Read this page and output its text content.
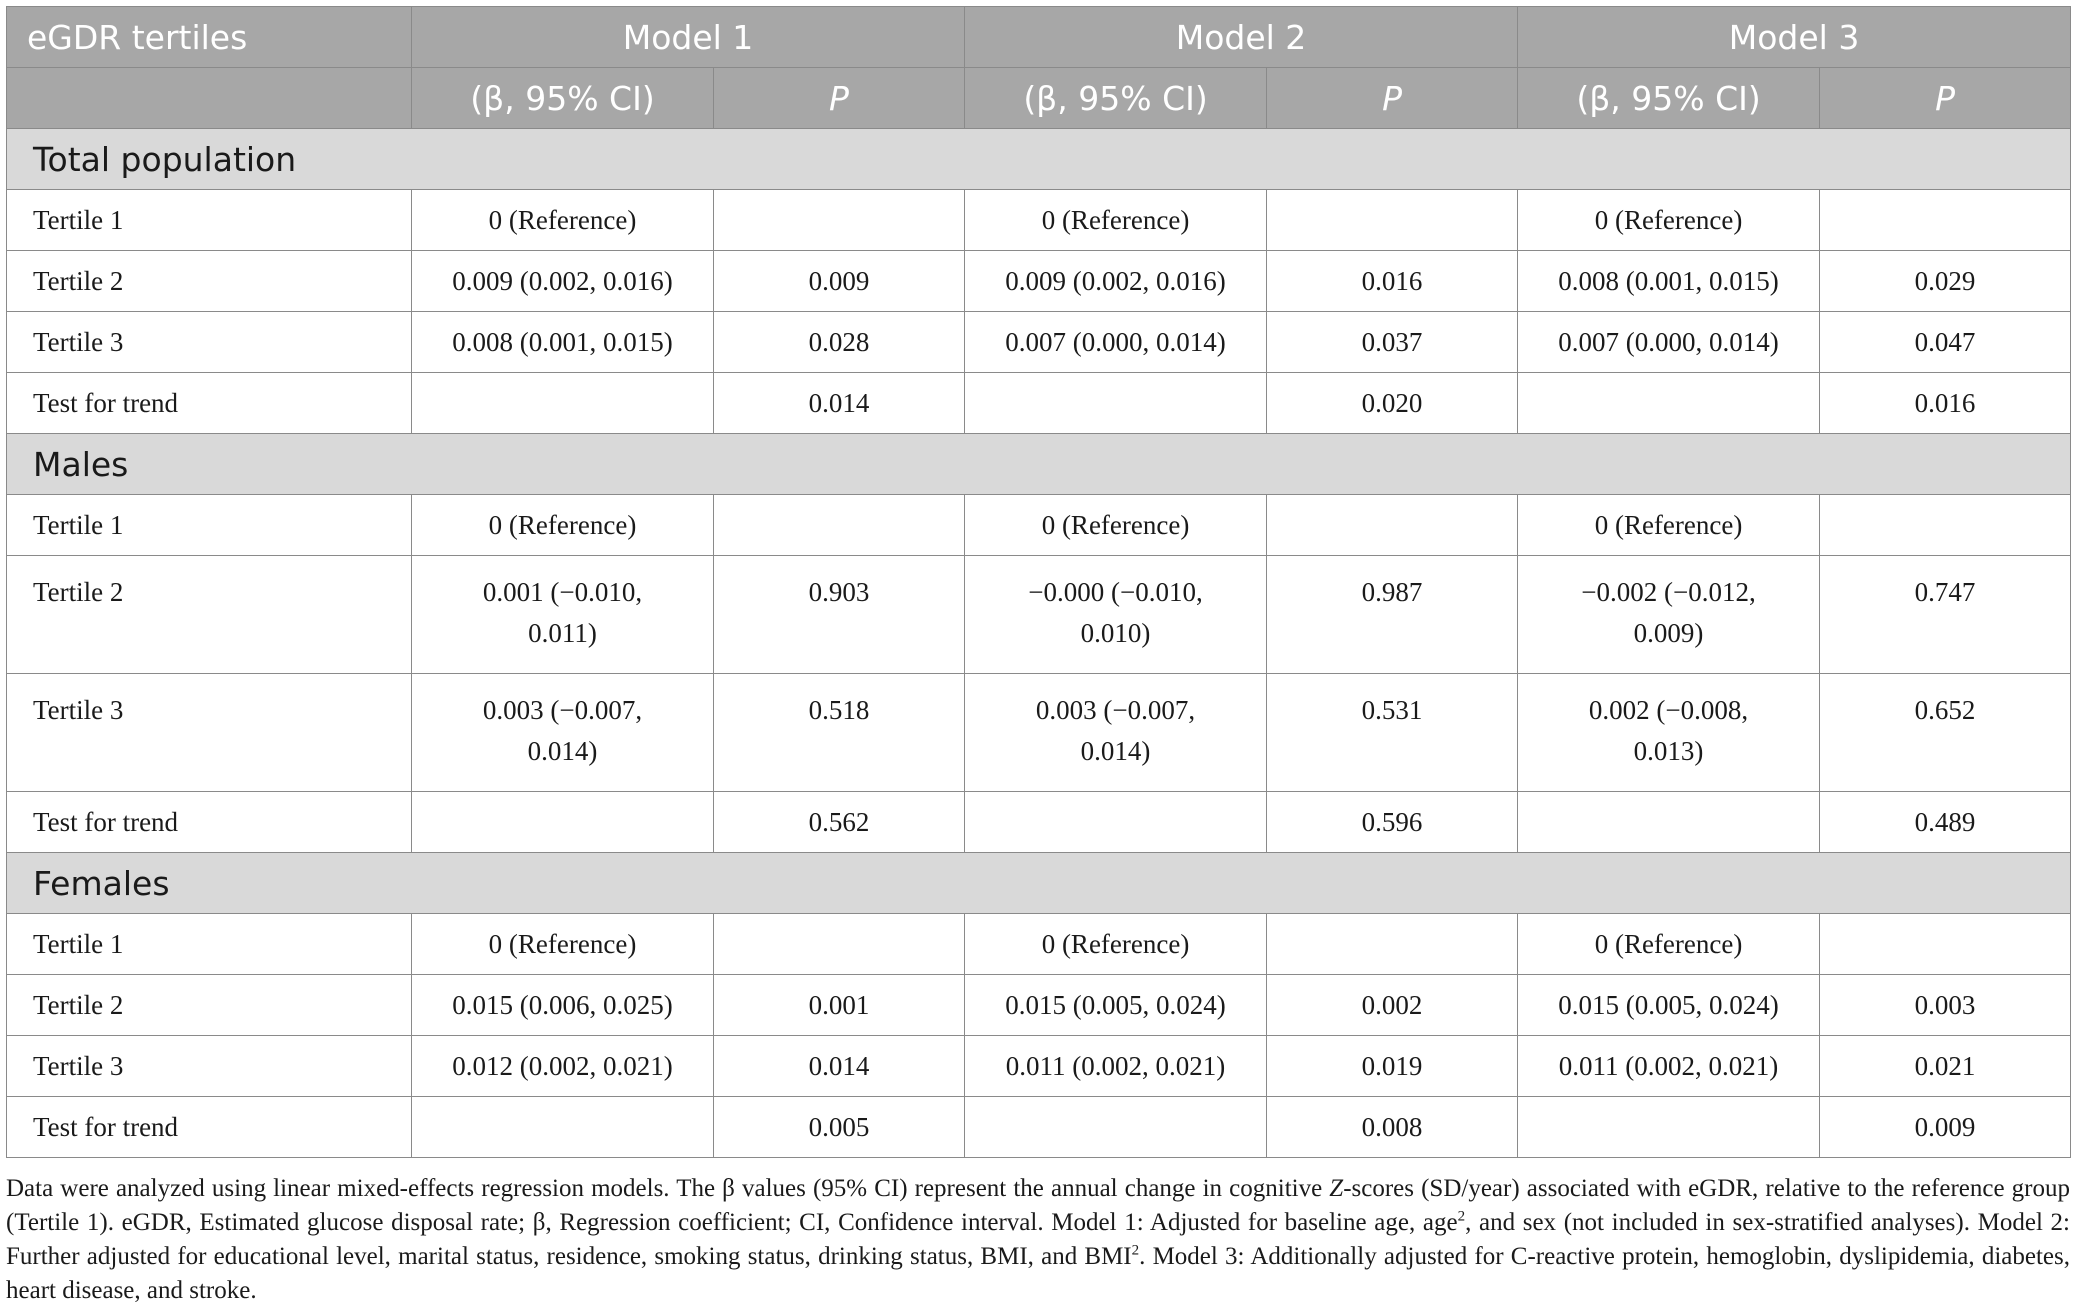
eGDR tertiles	Model 1		Model 2		Model 3	
	(β, 95% CI)	P	(β, 95% CI)	P	(β, 95% CI)	P
Total population						
Tertile 1	0 (Reference)		0 (Reference)		0 (Reference)	
Tertile 2	0.009 (0.002, 0.016)	0.009	0.009 (0.002, 0.016)	0.016	0.008 (0.001, 0.015)	0.029
Tertile 3	0.008 (0.001, 0.015)	0.028	0.007 (0.000, 0.014)	0.037	0.007 (0.000, 0.014)	0.047
Test for trend		0.014		0.020		0.016
Males						
Tertile 1	0 (Reference)		0 (Reference)		0 (Reference)	
Tertile 2	0.001 (−0.010, 0.011)	0.903	−0.000 (−0.010, 0.010)	0.987	−0.002 (−0.012, 0.009)	0.747
Tertile 3	0.003 (−0.007, 0.014)	0.518	0.003 (−0.007, 0.014)	0.531	0.002 (−0.008, 0.013)	0.652
Test for trend		0.562		0.596		0.489
Females						
Tertile 1	0 (Reference)		0 (Reference)		0 (Reference)	
Tertile 2	0.015 (0.006, 0.025)	0.001	0.015 (0.005, 0.024)	0.002	0.015 (0.005, 0.024)	0.003
Tertile 3	0.012 (0.002, 0.021)	0.014	0.011 (0.002, 0.021)	0.019	0.011 (0.002, 0.021)	0.021
Test for trend		0.005		0.008		0.009
Data were analyzed using linear mixed-effects regression models. The β values (95% CI) represent the annual change in cognitive Z-scores (SD/year) associated with eGDR, relative to the reference group (Tertile 1). eGDR, Estimated glucose disposal rate; β, Regression coefficient; CI, Confidence interval. Model 1: Adjusted for baseline age, age$^2$, and sex (not included in sex-stratified analyses). Model 2: Further adjusted for educational level, marital status, residence, smoking status, drinking status, BMI, and BMI$^2$. Model 3: Additionally adjusted for C-reactive protein, hemoglobin, dyslipidemia, diabetes, heart disease, and stroke.
